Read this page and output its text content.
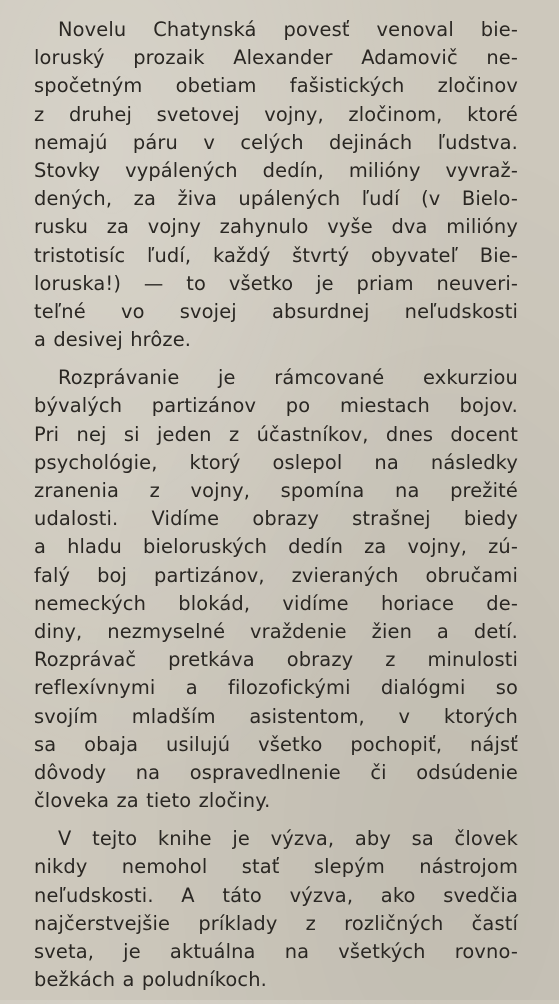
Novelu Chatynská povesť venoval bie-
loruský prozaik Alexander Adamovič ne-
spočetným obetiam fašistických zločinov
z druhej svetovej vojny, zločinom, ktoré
nemajú páru v celých dejinách ľudstva.
Stovky vypálených dedín, milióny vyvraž-
dených, za živa upálených ľudí (v Bielo-
rusku za vojny zahynulo vyše dva milióny
tristotisíc ľudí, každý štvrtý obyvateľ Bie-
loruska!) — to všetko je priam neuveri-
teľné vo svojej absurdnej neľudskosti
a desivej hrôze.
Rozprávanie je rámcované exkurziou
bývalých partizánov po miestach bojov.
Pri nej si jeden z účastníkov, dnes docent
psychológie, ktorý oslepol na následky
zranenia z vojny, spomína na prežité
udalosti. Vidíme obrazy strašnej biedy
a hladu bieloruských dedín za vojny, zú-
falý boj partizánov, zvieraných obručami
nemeckých blokád, vidíme horiace de-
diny, nezmyselné vraždenie žien a detí.
Rozprávač pretkáva obrazy z minulosti
reflexívnymi a filozofickými dialógmi so
svojím mladším asistentom, v ktorých
sa obaja usilujú všetko pochopiť, nájsť
dôvody na ospravedlnenie či odsúdenie
človeka za tieto zločiny.
V tejto knihe je výzva, aby sa človek
nikdy nemohol stať slepým nástrojom
neľudskosti. A táto výzva, ako svedčia
najčerstvejšie príklady z rozličných častí
sveta, je aktuálna na všetkých rovno-
bežkách a poludníkoch.
